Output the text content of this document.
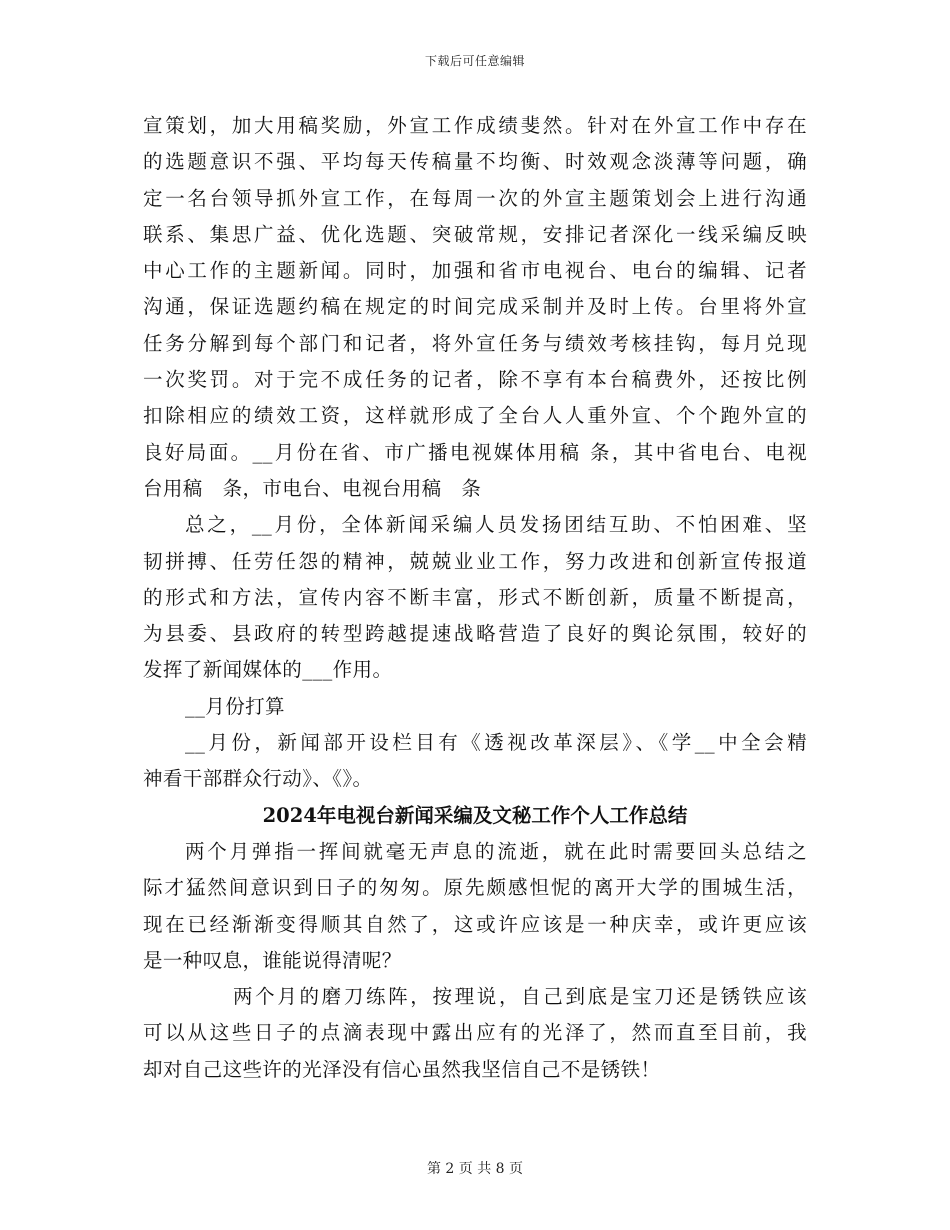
下载后可任意编辑
宣策划，加大用稿奖励，外宣工作成绩斐然。针对在外宣工作中存在
的选题意识不强、平均每天传稿量不均衡、时效观念淡薄等问题，确
定一名台领导抓外宣工作，在每周一次的外宣主题策划会上进行沟通
联系、集思广益、优化选题、突破常规，安排记者深化一线采编反映
中心工作的主题新闻。同时，加强和省市电视台、电台的编辑、记者
沟通，保证选题约稿在规定的时间完成采制并及时上传。台里将外宣
任务分解到每个部门和记者，将外宣任务与绩效考核挂钩，每月兑现
一次奖罚。对于完不成任务的记者，除不享有本台稿费外，还按比例
扣除相应的绩效工资，这样就形成了全台人人重外宣、个个跑外宣的
良好局面。__月份在省、市广播电视媒体用稿 条，其中省电台、电视
台用稿　条，市电台、电视台用稿　条
总之，__月份，全体新闻采编人员发扬团结互助、不怕困难、坚
韧拼搏、任劳任怨的精神，兢兢业业工作，努力改进和创新宣传报道
的形式和方法，宣传内容不断丰富，形式不断创新，质量不断提高，
为县委、县政府的转型跨越提速战略营造了良好的舆论氛围，较好的
发挥了新闻媒体的___作用。
__月份打算
__月份，新闻部开设栏目有《透视改革深层》、《学__中全会精
神看干部群众行动》、《》。
2024年电视台新闻采编及文秘工作个人工作总结
两个月弹指一挥间就毫无声息的流逝，就在此时需要回头总结之
际才猛然间意识到日子的匆匆。原先颇感怛怩的离开大学的围城生活，
现在已经渐渐变得顺其自然了，这或许应该是一种庆幸，或许更应该
是一种叹息，谁能说得清呢？
两个月的磨刀练阵，按理说，自己到底是宝刀还是锈铁应该
可以从这些日子的点滴表现中露出应有的光泽了，然而直至目前，我
却对自己这些许的光泽没有信心虽然我坚信自己不是锈铁！
第 2 页 共 8 页
